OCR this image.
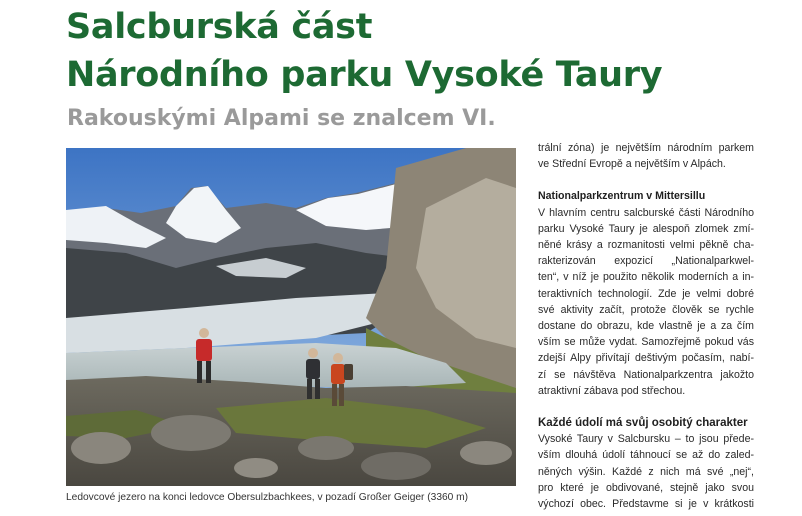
Salcburská část
Národního parku Vysoké Taury
Rakouskými Alpami se znalcem VI.

Ledovcové jezero na konci ledovce Obersulzbachkees, v pozadí Großer Geiger (3360 m)

trální zóna) je největším národním parkem
ve Střední Evropě a největším v Alpách.
Nationalparkzentrum v Mittersillu
V hlavním centru salcburské části Národního
parku Vysoké Taury je alespoň zlomek zmí-
něné krásy a rozmanitosti velmi pěkně cha-
rakterizován expozicí „Nationalparkwel-
ten“, v níž je použito několik moderních a in-
teraktivních technologií. Zde je velmi dobré
své aktivity začít, protože člověk se rychle
dostane do obrazu, kde vlastně je a za čím
vším se může vydat. Samozřejmě pokud vás
zdejší Alpy přivítají deštivým počasím, nabí-
zí se návštěva Nationalparkzentra jakožto
atraktivní zábava pod střechou.
Každé údolí má svůj osobitý charakter
Vysoké Taury v Salcbursku – to jsou přede-
vším dlouhá údolí táhnoucí se až do zaled-
něných výšin. Každé z nich má své „nej“,
pro které je obdivované, stejně jako svou
výchozí obec. Představme si je v krátkosti
